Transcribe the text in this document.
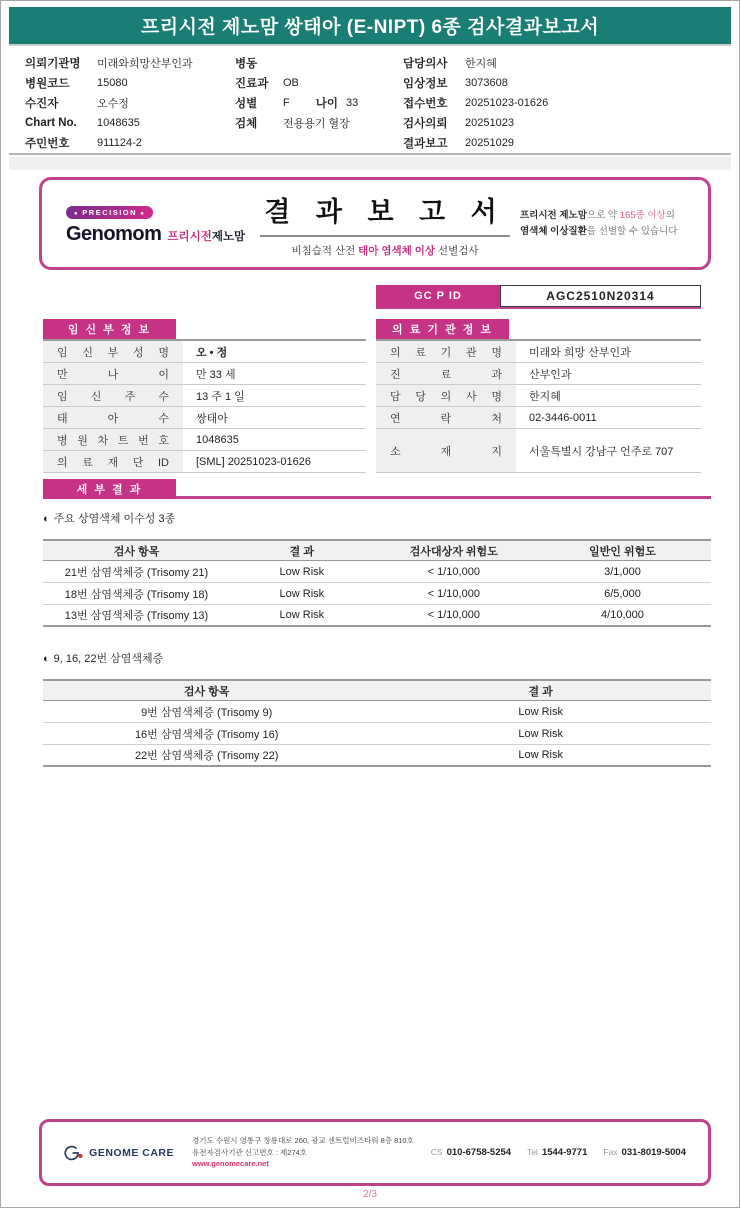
프리시전 제노맘 쌍태아 (E-NIPT) 6종 검사결과보고서
의뢰기관명	미래와희망산부인과
병원코드	15080
수진자	오수정
Chart No.	1048635
주민번호	911124-2
병동
진료과	OB
성별	F 나이 33
검체	전용용기 혈장
담당의사	한지혜
임상정보	3073608
접수번호	20251023-01626
검사의뢰	20251023
결과보고	20251029
● PRECISION ●
Genomom 프리시전제노맘
결 과 보 고 서
비침습적 산전 태아 염색체 이상 선별검사
프리시전 제노맘으로 약 165종 이상의
염색체 이상질환을 선별할 수 있습니다
GC P ID	AGC2510N20314
임 신 부 정 보
임 신 부 성 명	오 • 정
만 나 이	만 33 세
임 신 주 수	13 주 1 일
태 아 수	쌍태아
병 원 차 트 번 호	1048635
의 료 재 단 ID	[SML] 20251023-01626
의 료 기 관 정 보
의 료 기 관 명	미래와 희망 산부인과
진 료 과	산부인과
담 당 의 사 명	한지혜
연 락 처	02-3446-0011
소 재 지	서울특별시 강남구 언주로 707
세 부 결 과
◐ 주요 상염색체 이수성 3종
검사 항목	결 과	검사대상자 위험도	일반인 위험도
21번 삼염색체증 (Trisomy 21)	Low Risk	< 1/10,000	3/1,000
18번 삼염색체증 (Trisomy 18)	Low Risk	< 1/10,000	6/5,000
13번 삼염색체증 (Trisomy 13)	Low Risk	< 1/10,000	4/10,000
◐ 9, 16, 22번 삼염색체증
검사 항목	결 과
9번 삼염색체증 (Trisomy 9)	Low Risk
16번 삼염색체증 (Trisomy 16)	Low Risk
22번 삼염색체증 (Trisomy 22)	Low Risk
GENOME CARE
경기도 수원시 영통구 창룡대로 260, 광교 센트럴비즈타워 8층 810호
유전자검사기관 신고번호 : 제274호
www.genomecare.net
CS 010-6758-5254 Tel 1544-9771 Fax 031-8019-5004
2/3
